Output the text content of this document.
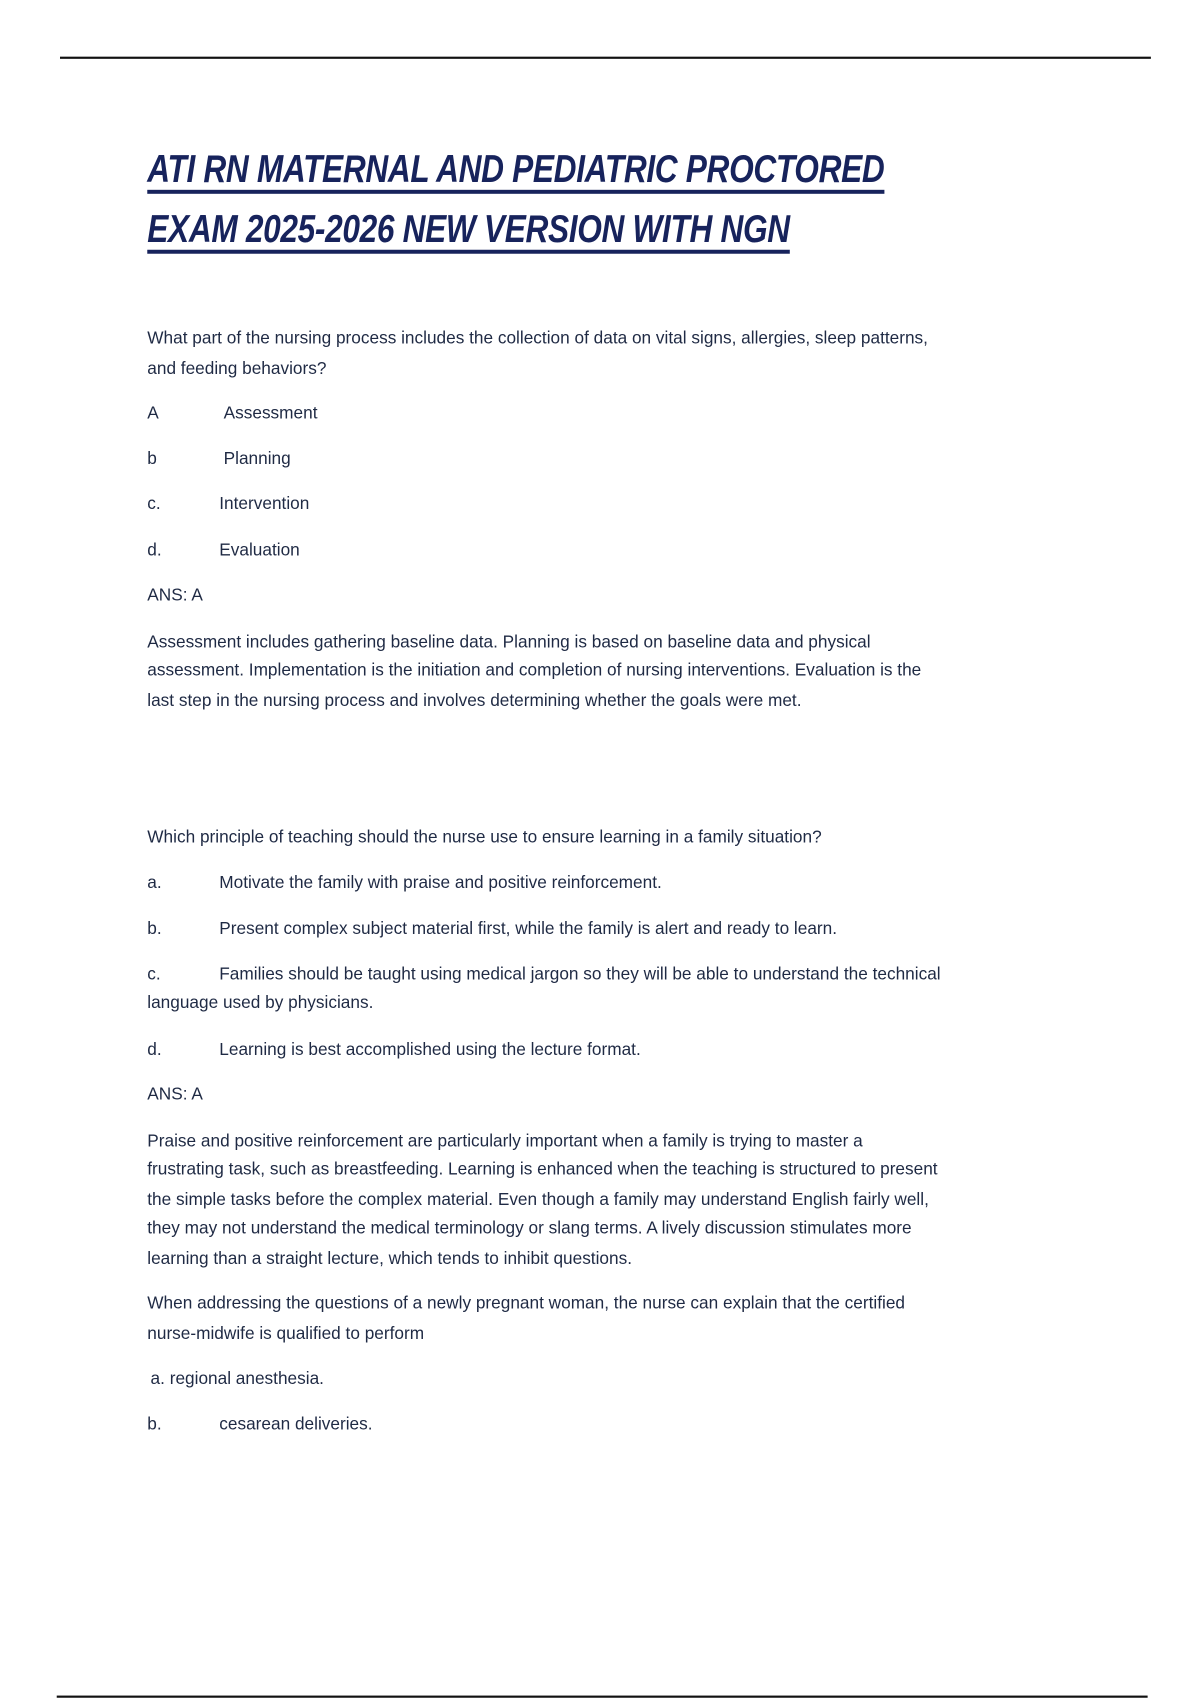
ATI RN MATERNAL AND PEDIATRIC PROCTORED
EXAM 2025-2026 NEW VERSION WITH NGN
What part of the nursing process includes the collection of data on vital signs, allergies, sleep patterns,
and feeding behaviors?
A	Assessment
b	Planning
c.	Intervention
d.	Evaluation
ANS: A
Assessment includes gathering baseline data. Planning is based on baseline data and physical
assessment. Implementation is the initiation and completion of nursing interventions. Evaluation is the
last step in the nursing process and involves determining whether the goals were met.
Which principle of teaching should the nurse use to ensure learning in a family situation?
a.	Motivate the family with praise and positive reinforcement.
b.	Present complex subject material first, while the family is alert and ready to learn.
c.	Families should be taught using medical jargon so they will be able to understand the technical
language used by physicians.
d.	Learning is best accomplished using the lecture format.
ANS: A
Praise and positive reinforcement are particularly important when a family is trying to master a
frustrating task, such as breastfeeding. Learning is enhanced when the teaching is structured to present
the simple tasks before the complex material. Even though a family may understand English fairly well,
they may not understand the medical terminology or slang terms. A lively discussion stimulates more
learning than a straight lecture, which tends to inhibit questions.
When addressing the questions of a newly pregnant woman, the nurse can explain that the certified
nurse-midwife is qualified to perform
a. regional anesthesia.
b.	cesarean deliveries.
